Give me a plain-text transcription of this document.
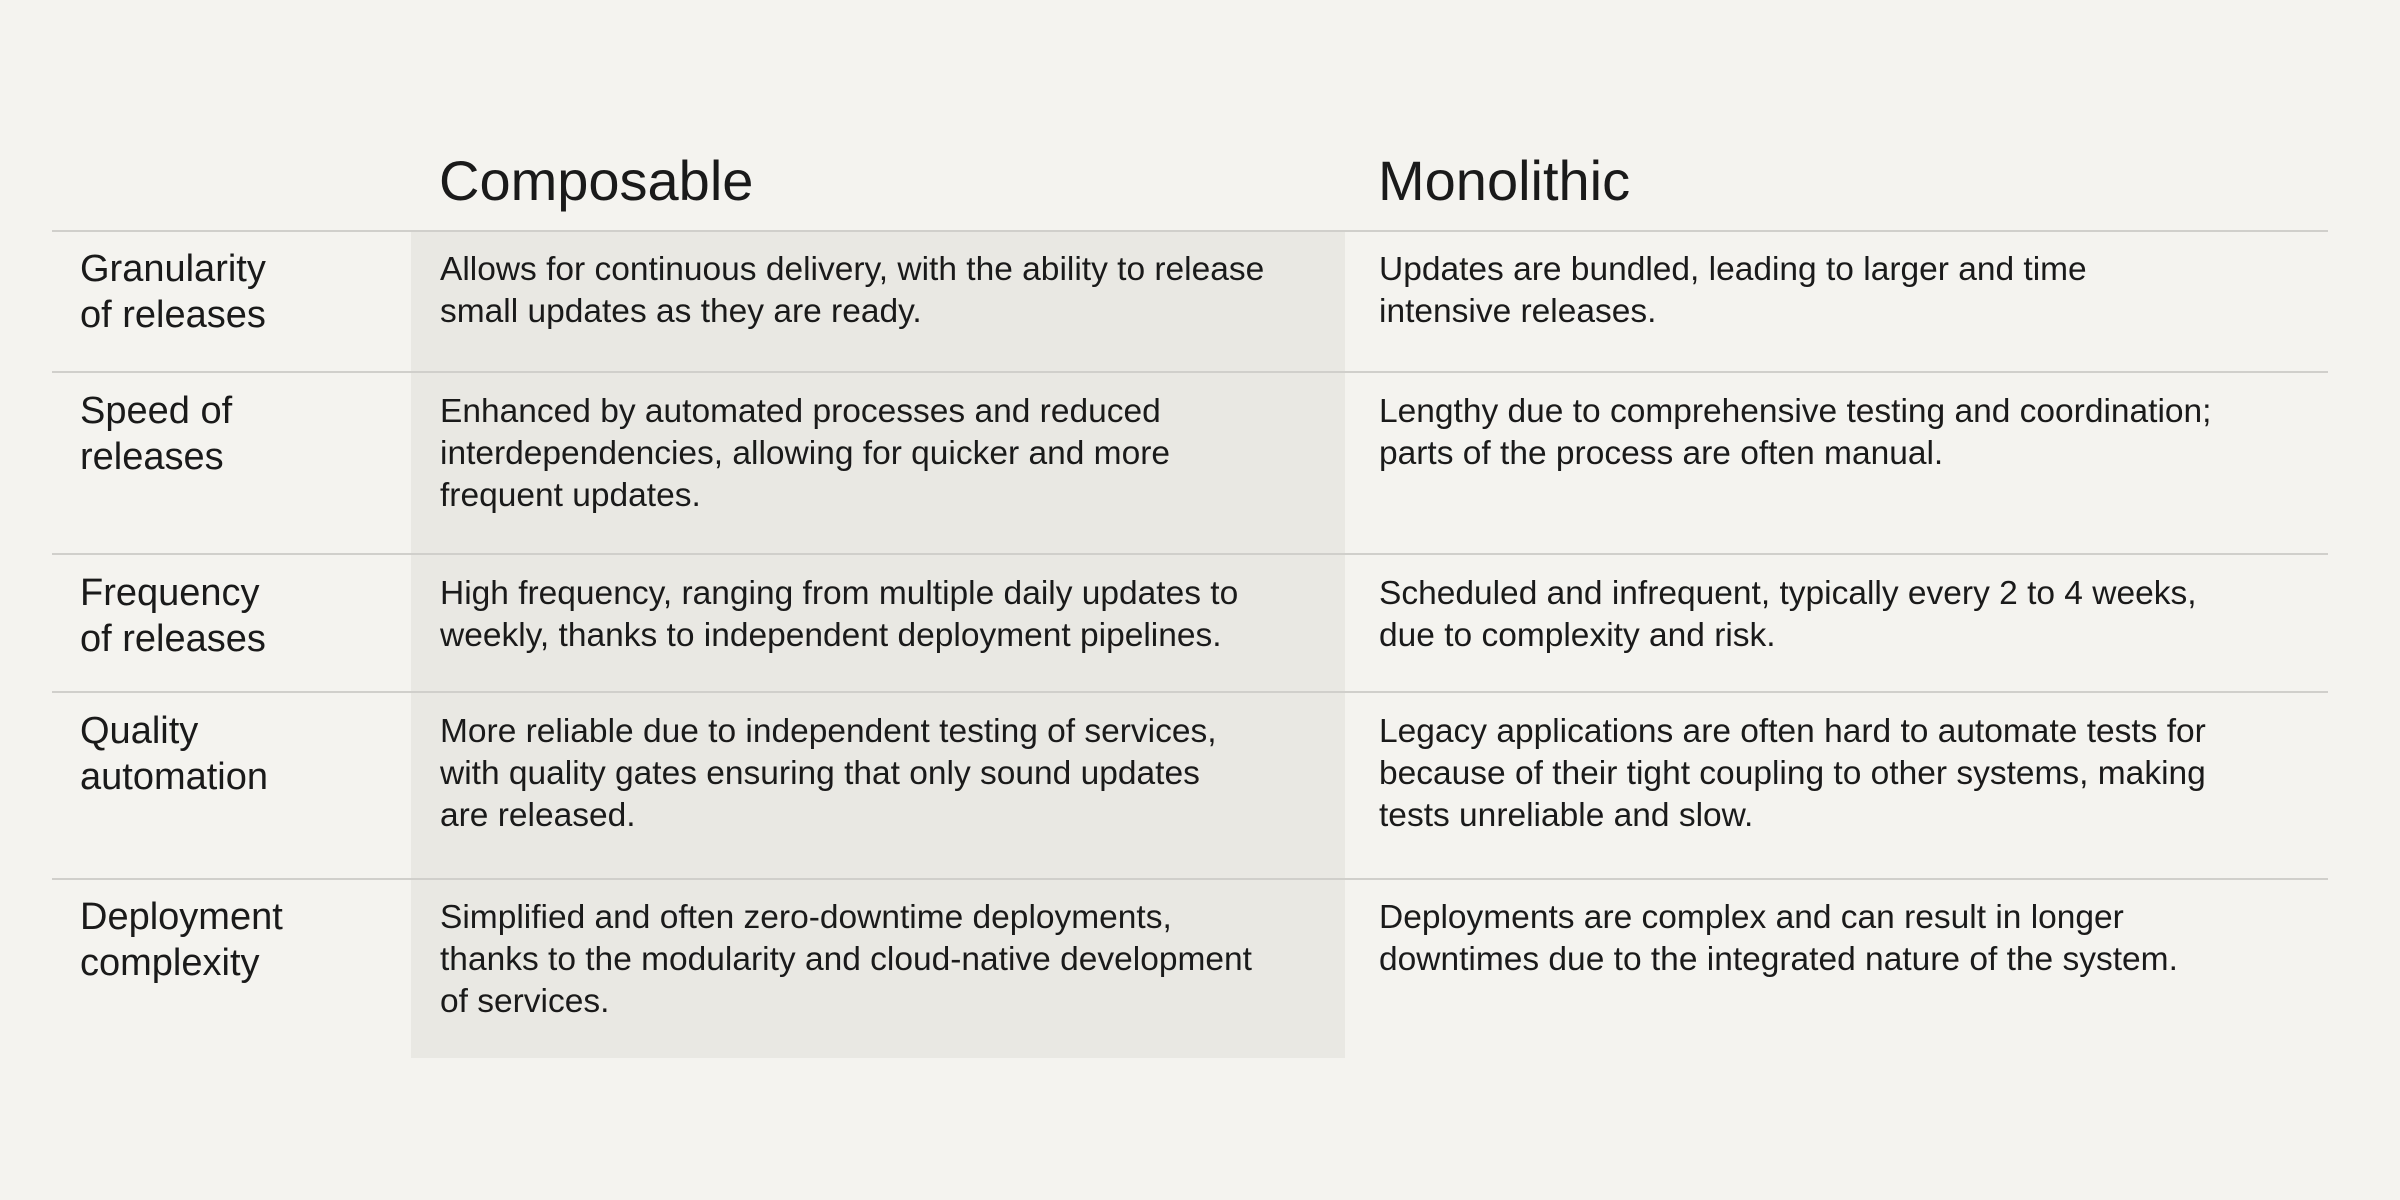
Composable	Monolithic
Granularity
of releases
Allows for continuous delivery, with the ability to release
small updates as they are ready.
Updates are bundled, leading to larger and time
intensive releases.
Speed of
releases
Enhanced by automated processes and reduced
interdependencies, allowing for quicker and more
frequent updates.
Lengthy due to comprehensive testing and coordination;
parts of the process are often manual.
Frequency
of releases
High frequency, ranging from multiple daily updates to
weekly, thanks to independent deployment pipelines.
Scheduled and infrequent, typically every 2 to 4 weeks,
due to complexity and risk.
Quality
automation
More reliable due to independent testing of services,
with quality gates ensuring that only sound updates
are released.
Legacy applications are often hard to automate tests for
because of their tight coupling to other systems, making
tests unreliable and slow.
Deployment
complexity
Simplified and often zero-downtime deployments,
thanks to the modularity and cloud-native development
of services.
Deployments are complex and can result in longer
downtimes due to the integrated nature of the system.
